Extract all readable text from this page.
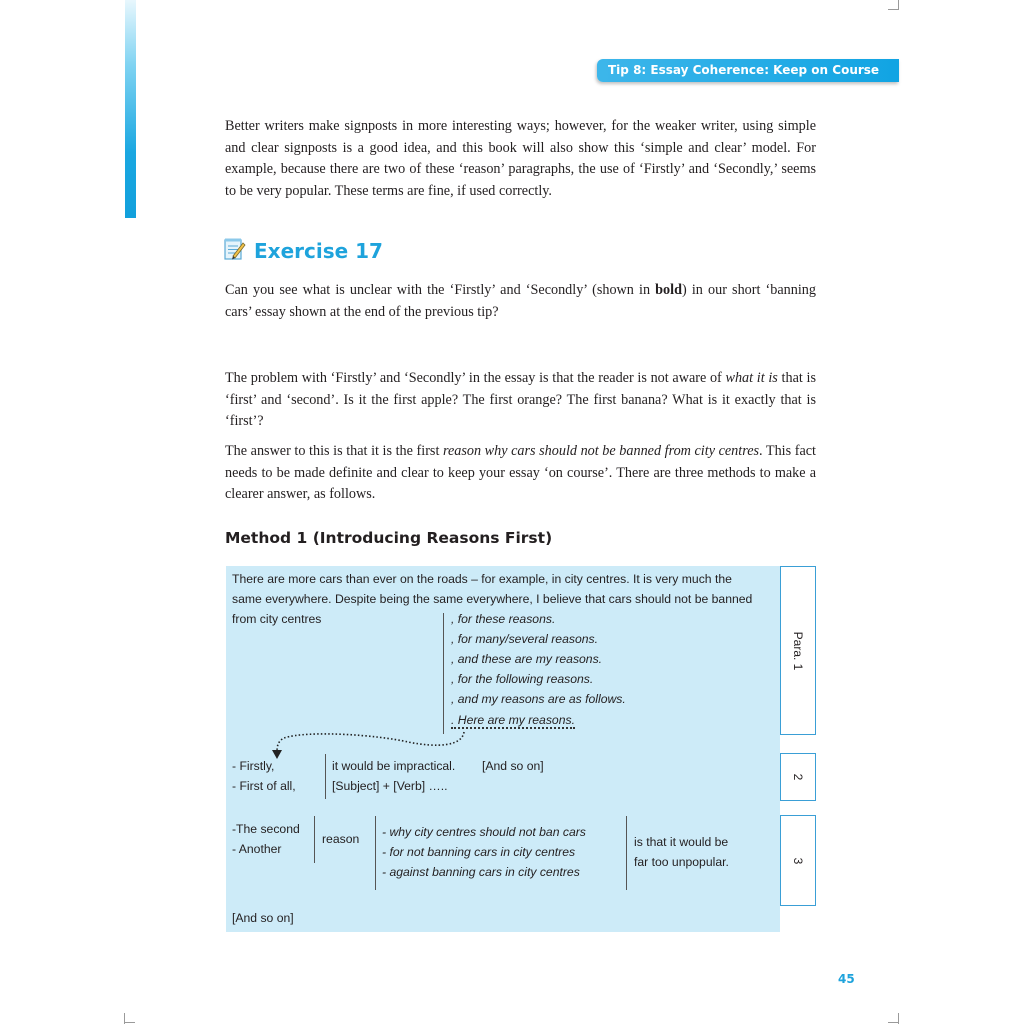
Tip 8: Essay Coherence: Keep on Course

Better writers make signposts in more interesting ways; however, for the weaker writer, using simple and clear signposts is a good idea, and this book will also show this ‘simple and clear’ model. For example, because there are two of these ‘reason’ paragraphs, the use of ‘Firstly’ and ‘Secondly,’ seems to be very popular. These terms are fine, if used correctly.

Exercise 17

Can you see what is unclear with the ‘Firstly’ and ‘Secondly’ (shown in bold) in our short ‘banning cars’ essay shown at the end of the previous tip?

The problem with ‘Firstly’ and ‘Secondly’ in the essay is that the reader is not aware of what it is that is ‘first’ and ‘second’. Is it the first apple? The first orange? The first banana? What is it exactly that is ‘first’?

The answer to this is that it is the first reason why cars should not be banned from city centres. This fact needs to be made definite and clear to keep your essay ‘on course’. There are three methods to make a clearer answer, as follows.

Method 1 (Introducing Reasons First)
There are more cars than ever on the roads – for example, in city centres. It is very much the
same everywhere. Despite being the same everywhere, I believe that cars should not be banned
from city centres	, for these reasons.
, for many/several reasons.
, and these are my reasons.
, for the following reasons.
, and my reasons are as follows.
. Here are my reasons.
- Firstly,
- First of all,
it would be impractical. [And so on]
[Subject] + [Verb] …..
-The second
- Another
reason - why city centres should not ban cars
- for not banning cars in city centres
- against banning cars in city centres
is that it would be
far too unpopular.
[And so on]
Para. 1
2
3
45
